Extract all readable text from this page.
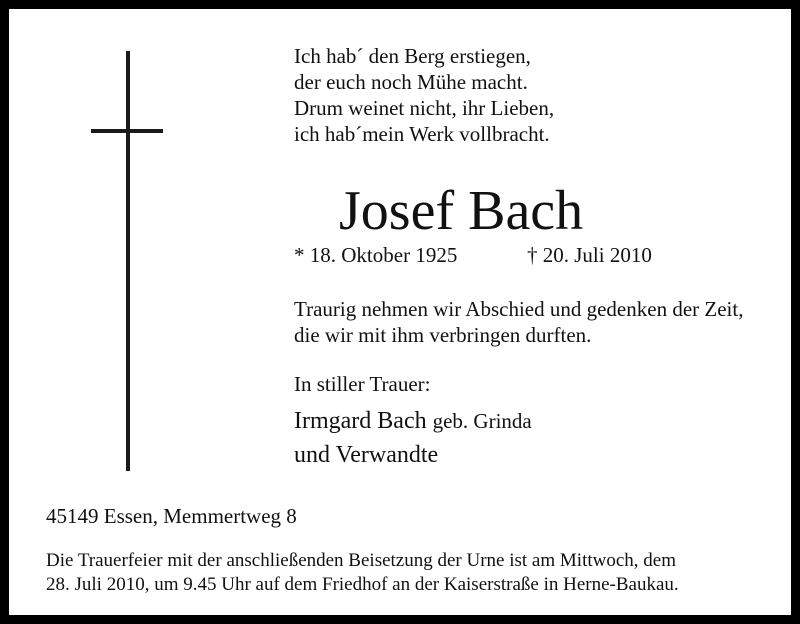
Ich hab´ den Berg erstiegen,
der euch noch Mühe macht.
Drum weinet nicht, ihr Lieben,
ich hab´mein Werk vollbracht.
Josef Bach
* 18. Oktober 1925	† 20. Juli 2010
Traurig nehmen wir Abschied und gedenken der Zeit,
die wir mit ihm verbringen durften.
In stiller Trauer:
Irmgard Bach geb. Grinda
und Verwandte
45149 Essen, Memmertweg 8
Die Trauerfeier mit der anschließenden Beisetzung der Urne ist am Mittwoch, dem
28. Juli 2010, um 9.45 Uhr auf dem Friedhof an der Kaiserstraße in Herne-Baukau.
